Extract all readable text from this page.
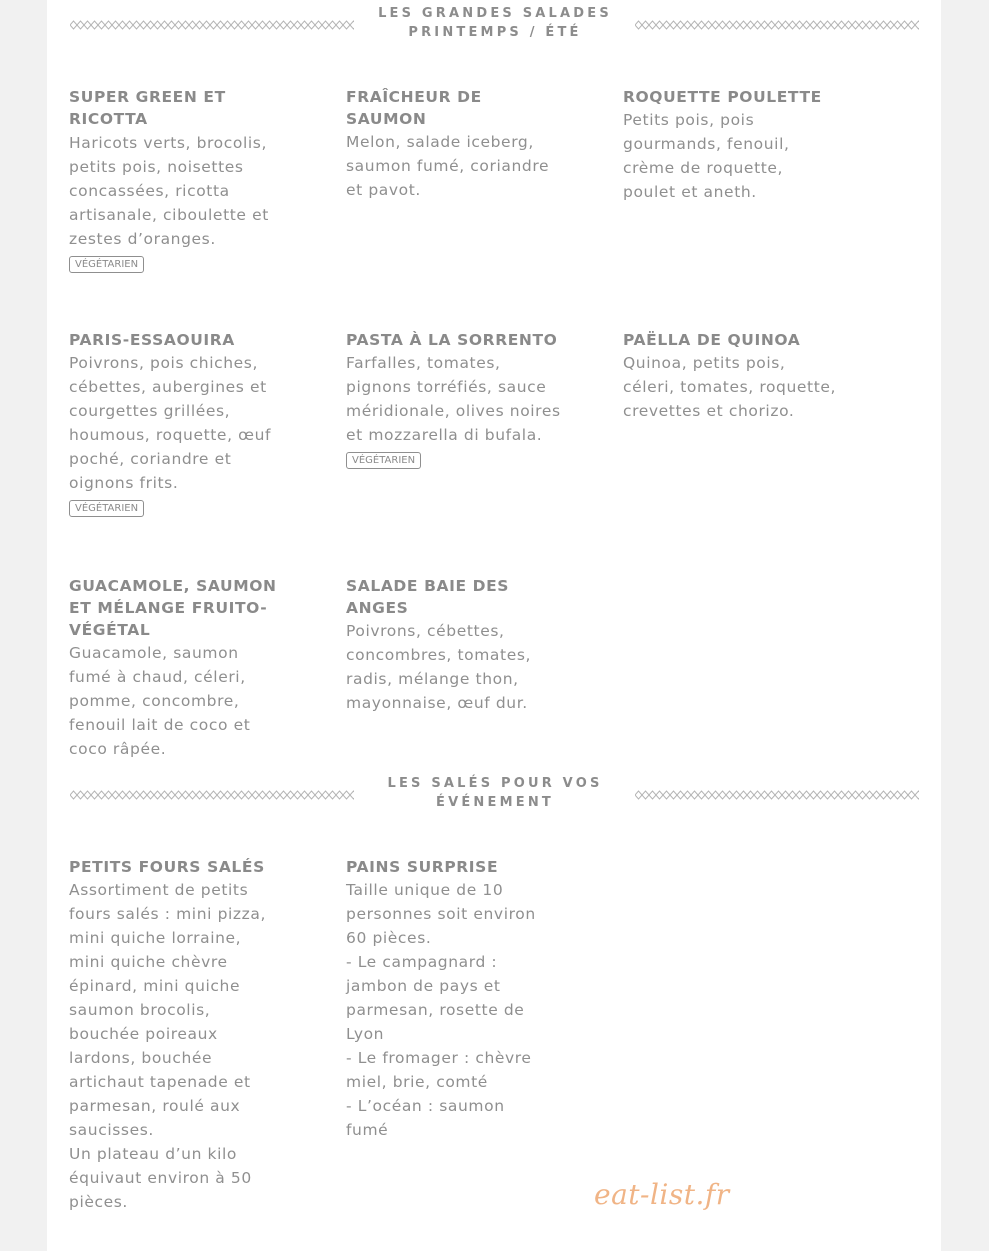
LES GRANDES SALADES
PRINTEMPS / ÉTÉ
SUPER GREEN ET RICOTTA
Haricots verts, brocolis, petits pois, noisettes concassées, ricotta artisanale, ciboulette et zestes d’oranges.
VÉGÉTARIEN
FRAÎCHEUR DE SAUMON
Melon, salade iceberg, saumon fumé, coriandre et pavot.
ROQUETTE POULETTE
Petits pois, pois gourmands, fenouil, crème de roquette, poulet et aneth.
PARIS-ESSAOUIRA
Poivrons, pois chiches, cébettes, aubergines et courgettes grillées, houmous, roquette, œuf poché, coriandre et oignons frits.
VÉGÉTARIEN
PASTA À LA SORRENTO
Farfalles, tomates, pignons torréfiés, sauce méridionale, olives noires et mozzarella di bufala.
VÉGÉTARIEN
PAËLLA DE QUINOA
Quinoa, petits pois, céleri, tomates, roquette, crevettes et chorizo.
GUACAMOLE, SAUMON ET MÉLANGE FRUITO-VÉGÉTAL
Guacamole, saumon fumé à chaud, céleri, pomme, concombre, fenouil lait de coco et coco râpée.
SALADE BAIE DES ANGES
Poivrons, cébettes, concombres, tomates, radis, mélange thon, mayonnaise, œuf dur.
LES SALÉS POUR VOS
ÉVÉNEMENT
PETITS FOURS SALÉS
Assortiment de petits fours salés : mini pizza, mini quiche lorraine, mini quiche chèvre épinard, mini quiche saumon brocolis, bouchée poireaux lardons, bouchée artichaut tapenade et parmesan, roulé aux saucisses.
Un plateau d’un kilo équivaut environ à 50 pièces.
PAINS SURPRISE
Taille unique de 10 personnes soit environ 60 pièces.
- Le campagnard : jambon de pays et parmesan, rosette de Lyon
- Le fromager : chèvre miel, brie, comté
- L’océan : saumon fumé
eat-list.fr
